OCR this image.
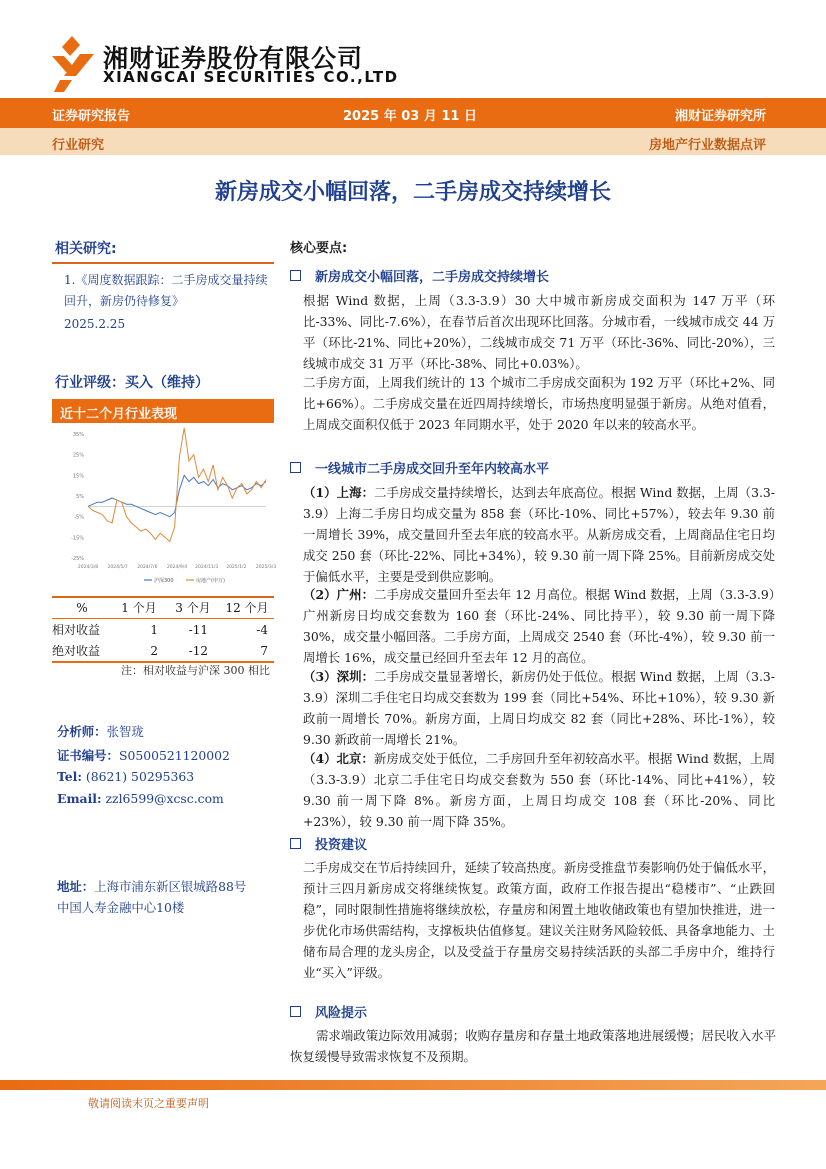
湘财证券股份有限公司
XIANGCAI SECURITIES CO.,LTD
证券研究报告	2025 年 03 月 11 日	湘财证券研究所
行业研究	房地产行业数据点评
新房成交小幅回落，二手房成交持续增长
相关研究:
1.《周度数据跟踪：二手房成交量持续回升，新房仍待修复》
2025.2.25
行业评级：买入（维持）
近十二个月行业表现
35%
25%
15%
5%
-5%
-15%
-25%
2024/3/8 2024/5/7 2024/7/6 2024/9/4 2024/11/3 2025/1/2 2025/3/3
沪深300	房地产(申万)
%	1 个月	3 个月	12 个月
相对收益	1	-11	-4
绝对收益	2	-12	7
注：相对收益与沪深 300 相比
分析师：张智珑
证书编号：S0500521120002
Tel: (8621) 50295363
Email: zzl6599@xcsc.com
地址：上海市浦东新区银城路88号
中国人寿金融中心10楼
核心要点:
新房成交小幅回落，二手房成交持续增长
根据 Wind 数据，上周（3.3-3.9）30 大中城市新房成交面积为 147 万平（环比-33%、同比-7.6%），在春节后首次出现环比回落。分城市看，一线城市成交 44 万平（环比-21%、同比+20%），二线城市成交 71 万平（环比-36%、同比-20%），三线城市成交 31 万平（环比-38%、同比+0.03%）。
二手房方面，上周我们统计的 13 个城市二手房成交面积为 192 万平（环比+2%、同比+66%）。二手房成交量在近四周持续增长，市场热度明显强于新房。从绝对值看，上周成交面积仅低于 2023 年同期水平，处于 2020 年以来的较高水平。
一线城市二手房成交回升至年内较高水平
（1）上海：二手房成交量持续增长，达到去年底高位。根据 Wind 数据，上周（3.3-3.9）上海二手房日均成交量为 858 套（环比-10%、同比+57%），较去年 9.30 前一周增长 39%，成交量回升至去年底的较高水平。从新房成交看，上周商品住宅日均成交 250 套（环比-22%、同比+34%），较 9.30 前一周下降 25%。目前新房成交处于偏低水平，主要是受到供应影响。
（2）广州：二手房成交量回升至去年 12 月高位。根据 Wind 数据，上周（3.3-3.9）广州新房日均成交套数为 160 套（环比-24%、同比持平），较 9.30 前一周下降 30%，成交量小幅回落。二手房方面，上周成交 2540 套（环比-4%），较 9.30 前一周增长 16%，成交量已经回升至去年 12 月的高位。
（3）深圳：二手房成交量显著增长，新房仍处于低位。根据 Wind 数据，上周（3.3-3.9）深圳二手住宅日均成交套数为 199 套（同比+54%、环比+10%），较 9.30 新政前一周增长 70%。新房方面，上周日均成交 82 套（同比+28%、环比-1%），较 9.30 新政前一周增长 21%。
（4）北京：新房成交处于低位，二手房回升至年初较高水平。根据 Wind 数据，上周（3.3-3.9）北京二手住宅日均成交套数为 550 套（环比-14%、同比+41%），较 9.30 前一周下降 8%。新房方面，上周日均成交 108 套（环比-20%、同比+23%），较 9.30 前一周下降 35%。
投资建议
二手房成交在节后持续回升，延续了较高热度。新房受推盘节奏影响仍处于偏低水平，预计三四月新房成交将继续恢复。政策方面，政府工作报告提出“稳楼市”、“止跌回稳”，同时限制性措施将继续放松，存量房和闲置土地收储政策也有望加快推进，进一步优化市场供需结构，支撑板块估值修复。建议关注财务风险较低、具备拿地能力、土储布局合理的龙头房企，以及受益于存量房交易持续活跃的头部二手房中介，维持行业“买入”评级。
风险提示
需求端政策边际效用减弱；收购存量房和存量土地政策落地进展缓慢；居民收入水平恢复缓慢导致需求恢复不及预期。
敬请阅读末页之重要声明
